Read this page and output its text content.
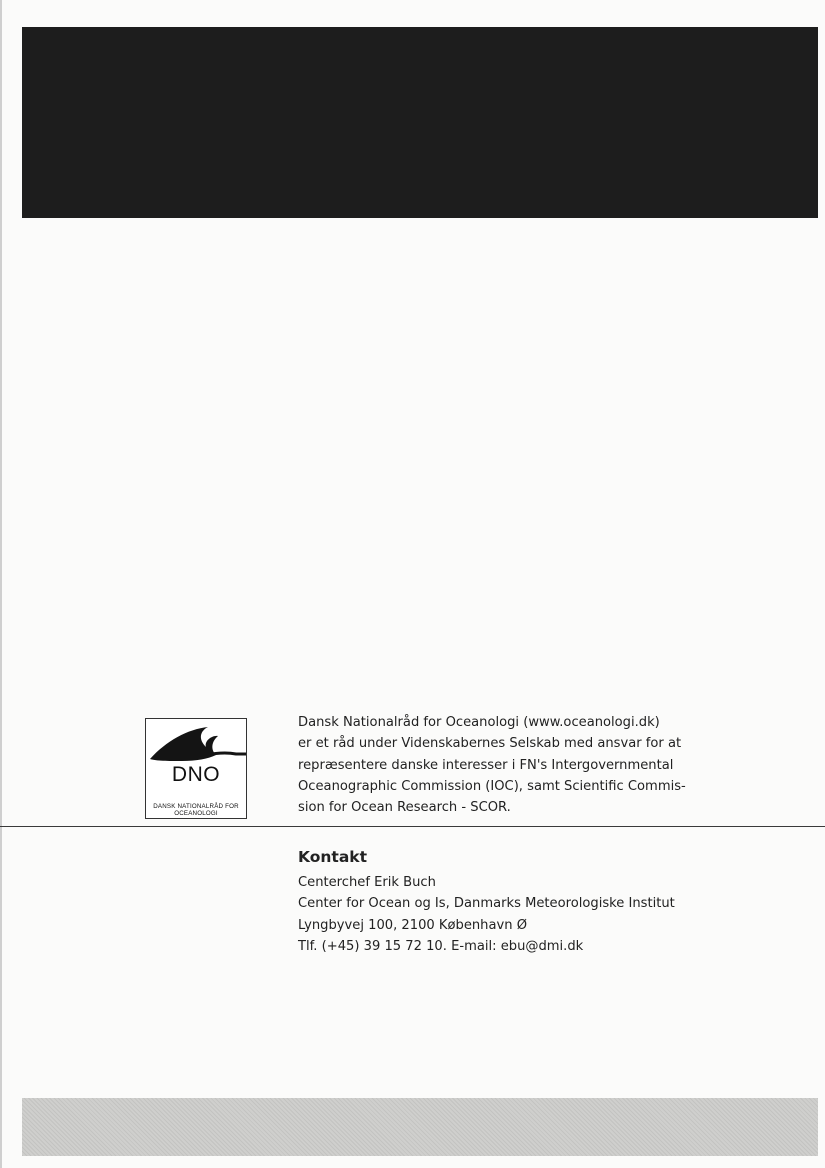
DNO
DANSK NATIONALRÅD FOR
OCEANOLOGI

Dansk Nationalråd for Oceanologi (www.oceanologi.dk)

er et råd under Videnskabernes Selskab med ansvar for at

repræsentere danske interesser i FN's Intergovernmental

Oceanographic Commission (IOC), samt Scientific Commis-

sion for Ocean Research - SCOR.

Kontakt

Centerchef Erik Buch

Center for Ocean og Is, Danmarks Meteorologiske Institut

Lyngbyvej 100, 2100 København Ø

Tlf. (+45) 39 15 72 10. E-mail: ebu@dmi.dk
